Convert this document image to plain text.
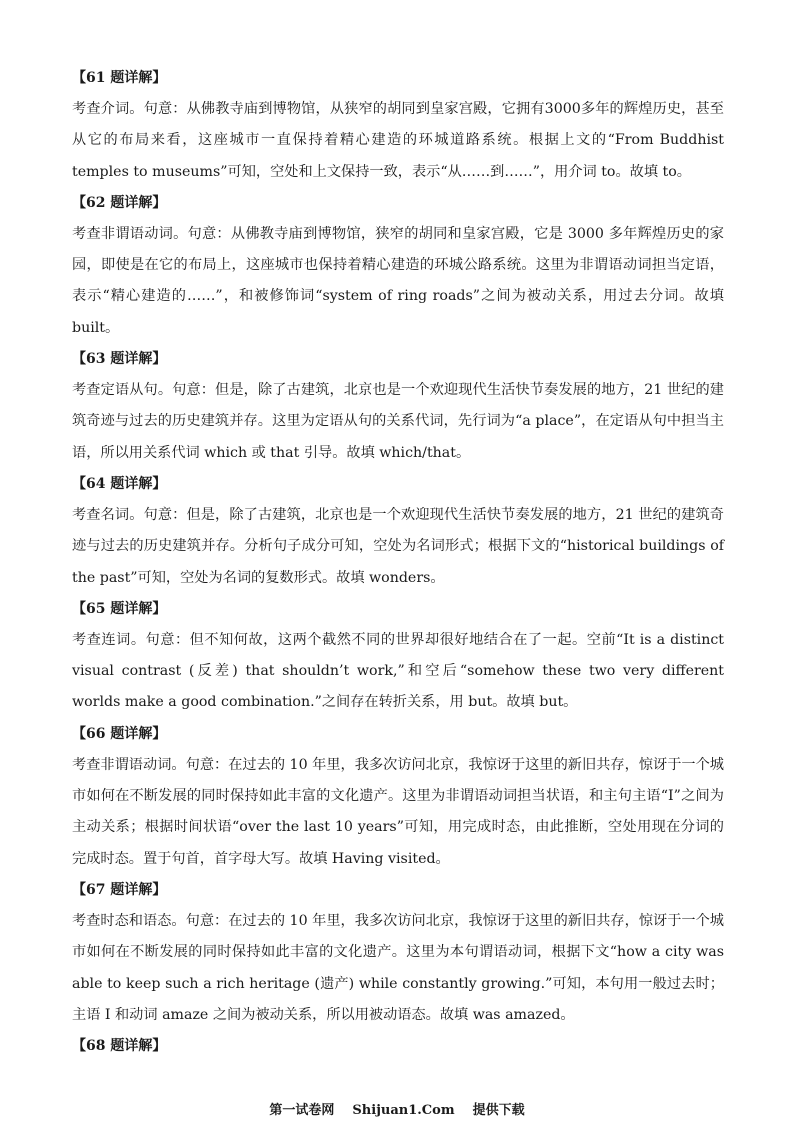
【61 题详解】

考查介词。句意：从佛教寺庙到博物馆，从狭窄的胡同到皇家宫殿，它拥有3000多年的辉煌历史，甚至从它的布局来看，这座城市一直保持着精心建造的环城道路系统。根据上文的“From Buddhist temples to museums”可知，空处和上文保持一致，表示“从……到……”，用介词 to。故填 to。

【62 题详解】

考查非谓语动词。句意：从佛教寺庙到博物馆，狭窄的胡同和皇家宫殿，它是 3000 多年辉煌历史的家园，即使是在它的布局上，这座城市也保持着精心建造的环城公路系统。这里为非谓语动词担当定语，表示“精心建造的……”，和被修饰词“system of ring roads”之间为被动关系，用过去分词。故填 built。

【63 题详解】

考查定语从句。句意：但是，除了古建筑，北京也是一个欢迎现代生活快节奏发展的地方，21 世纪的建筑奇迹与过去的历史建筑并存。这里为定语从句的关系代词，先行词为“a place”，在定语从句中担当主语，所以用关系代词 which 或 that 引导。故填 which/that。

【64 题详解】

考查名词。句意：但是，除了古建筑，北京也是一个欢迎现代生活快节奏发展的地方，21 世纪的建筑奇迹与过去的历史建筑并存。分析句子成分可知，空处为名词形式；根据下文的“historical buildings of the past”可知，空处为名词的复数形式。故填 wonders。

【65 题详解】

考查连词。句意：但不知何故，这两个截然不同的世界却很好地结合在了一起。空前“It is a distinct visual contrast (反差) that shouldn’t work,”和空后“somehow these two very different worlds make a good combination.”之间存在转折关系，用 but。故填 but。

【66 题详解】

考查非谓语动词。句意：在过去的 10 年里，我多次访问北京，我惊讶于这里的新旧共存，惊讶于一个城市如何在不断发展的同时保持如此丰富的文化遗产。这里为非谓语动词担当状语，和主句主语“I”之间为主动关系；根据时间状语“over the last 10 years”可知，用完成时态，由此推断，空处用现在分词的完成时态。置于句首，首字母大写。故填 Having visited。

【67 题详解】

考查时态和语态。句意：在过去的 10 年里，我多次访问北京，我惊讶于这里的新旧共存，惊讶于一个城市如何在不断发展的同时保持如此丰富的文化遗产。这里为本句谓语动词，根据下文“how a city was able to keep such a rich heritage (遗产) while constantly growing.”可知，本句用一般过去时；主语 I 和动词 amaze 之间为被动关系，所以用被动语态。故填 was amazed。

【68 题详解】
第一试卷网    Shijuan1.Com    提供下载
